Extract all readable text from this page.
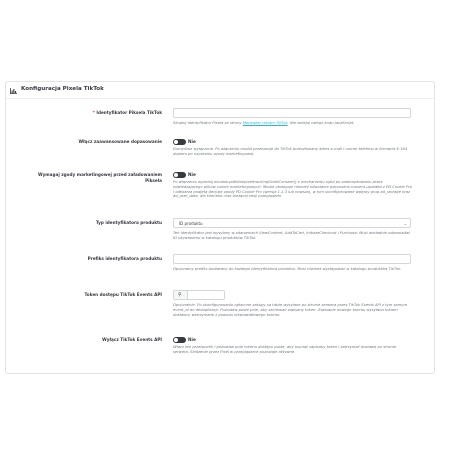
Konfiguracja Pixela TikTok
* Identyfikator Piksela TikTok
Skopiuj identyfikator Pixela ze strony Menedżer reklam TikTok. Nie wklejaj całego kodu JavaScript.
Włącz zaawansowane dopasowanie	Nie
Domyślnie wyłączone. Po włączeniu moduł przekazuje do TikTok przeszłowany adres e-mail i numer telefonu w formacie E.164 dopiero po uzyskaniu zgody marketingowej.
Wymagaj zgody marketingowej przed załadowaniem Piksela
Nie
Po włączeniu wywołuj window.pdtiktokpixeltrackingGrantConsent() z mechanizmu zgód po zaakceptowaniu przez odwiedzającego plików cookie marketingowych. Moduł obsługuje również odwołanie pdconsent-consent-updated z PD Cookie Pro i odtwarza podjętą decyzję zgody PD Cookie Pro (wersja 1.1.3 lub nowsza), w tym skonfigurowane wpływy grup ad_storage oraz ad_user_data, dla klientów oraz bieżącej sesji przeglądarki.
Typ identyfikatora produktu	ID produktu	⌄
Ten identyfikator jest wysyłany w zdarzeniach ViewContent, AddToCart, InitiateCheckout i Purchase. Musi dokładnie odpowiadać ID używanemu w katalogu produktów TikTok.
Prefiks identyfikatora produktu
Opcjonalny prefiks dodawany do każdego identyfikatora produktu. Musi również występować w katalogu produktów TikTok.
Token dostępu TikTok Events API	⚲
Opcjonalnie. Po skonfigurowaniu opłacone zakupy są także wysyłane po stronie serwera przez TikTok Events API z tym samym event_id do deduplikacji. Pozostaw puste pole, aby zachować zapisany token. Zapisanie nowego tokenu wysyłana tokiem dostawcy wstrzymane z powodu nieprawidłowego tokenu.
Wyłącz TikTok Events API	Nie
Włącz ten przełącznik i pozostaw pole tokenu dostępu puste, aby usunąć zapisany token i zatrzymać dostawę po stronie serwera. Śledzenie przez Pixel w przeglądarce pozostaje aktywne.
